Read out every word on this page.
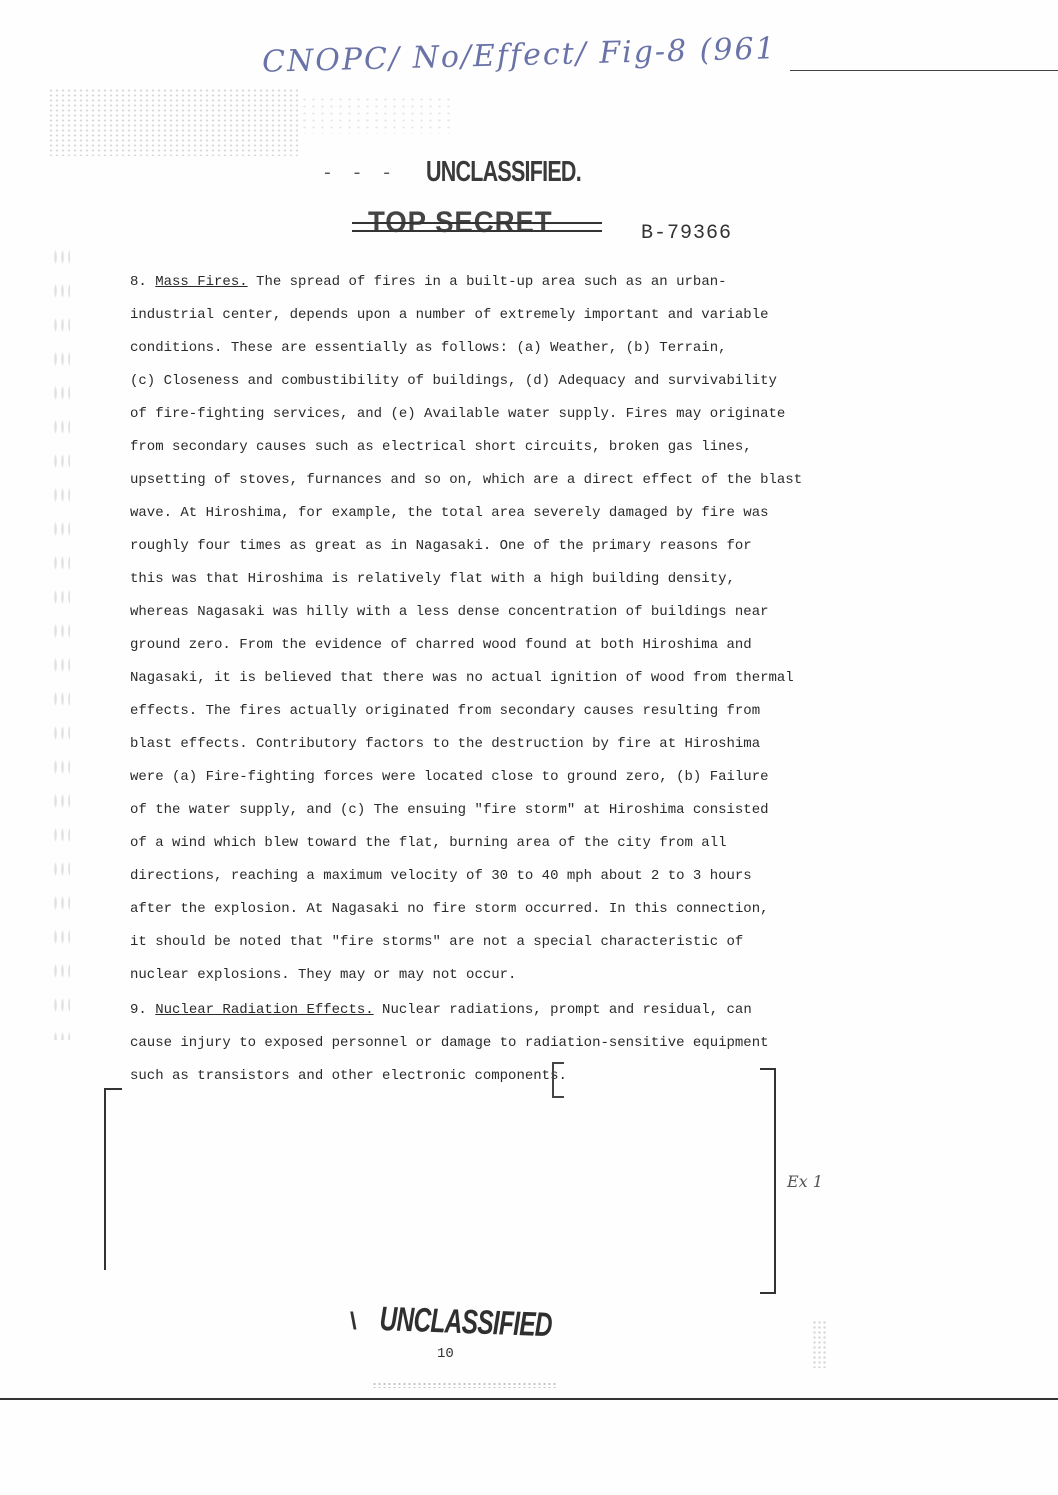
CNOPC/ No/Effect/ Fig-8 (961
- - - UNCLASSIFIED.
TOP SECRET	B-79366
8. Mass Fires. The spread of fires in a built-up area such as an urban-
industrial center, depends upon a number of extremely important and variable
conditions. These are essentially as follows: (a) Weather, (b) Terrain,
(c) Closeness and combustibility of buildings, (d) Adequacy and survivability
of fire-fighting services, and (e) Available water supply. Fires may originate
from secondary causes such as electrical short circuits, broken gas lines,
upsetting of stoves, furnances and so on, which are a direct effect of the blast
wave. At Hiroshima, for example, the total area severely damaged by fire was
roughly four times as great as in Nagasaki. One of the primary reasons for
this was that Hiroshima is relatively flat with a high building density,
whereas Nagasaki was hilly with a less dense concentration of buildings near
ground zero. From the evidence of charred wood found at both Hiroshima and
Nagasaki, it is believed that there was no actual ignition of wood from thermal
effects. The fires actually originated from secondary causes resulting from
blast effects. Contributory factors to the destruction by fire at Hiroshima
were (a) Fire-fighting forces were located close to ground zero, (b) Failure
of the water supply, and (c) The ensuing "fire storm" at Hiroshima consisted
of a wind which blew toward the flat, burning area of the city from all
directions, reaching a maximum velocity of 30 to 40 mph about 2 to 3 hours
after the explosion. At Nagasaki no fire storm occurred. In this connection,
it should be noted that "fire storms" are not a special characteristic of
nuclear explosions. They may or may not occur.
9. Nuclear Radiation Effects. Nuclear radiations, prompt and residual, can
cause injury to exposed personnel or damage to radiation-sensitive equipment
such as transistors and other electronic components.
Ex 1
\ UNCLASSIFIED
10
